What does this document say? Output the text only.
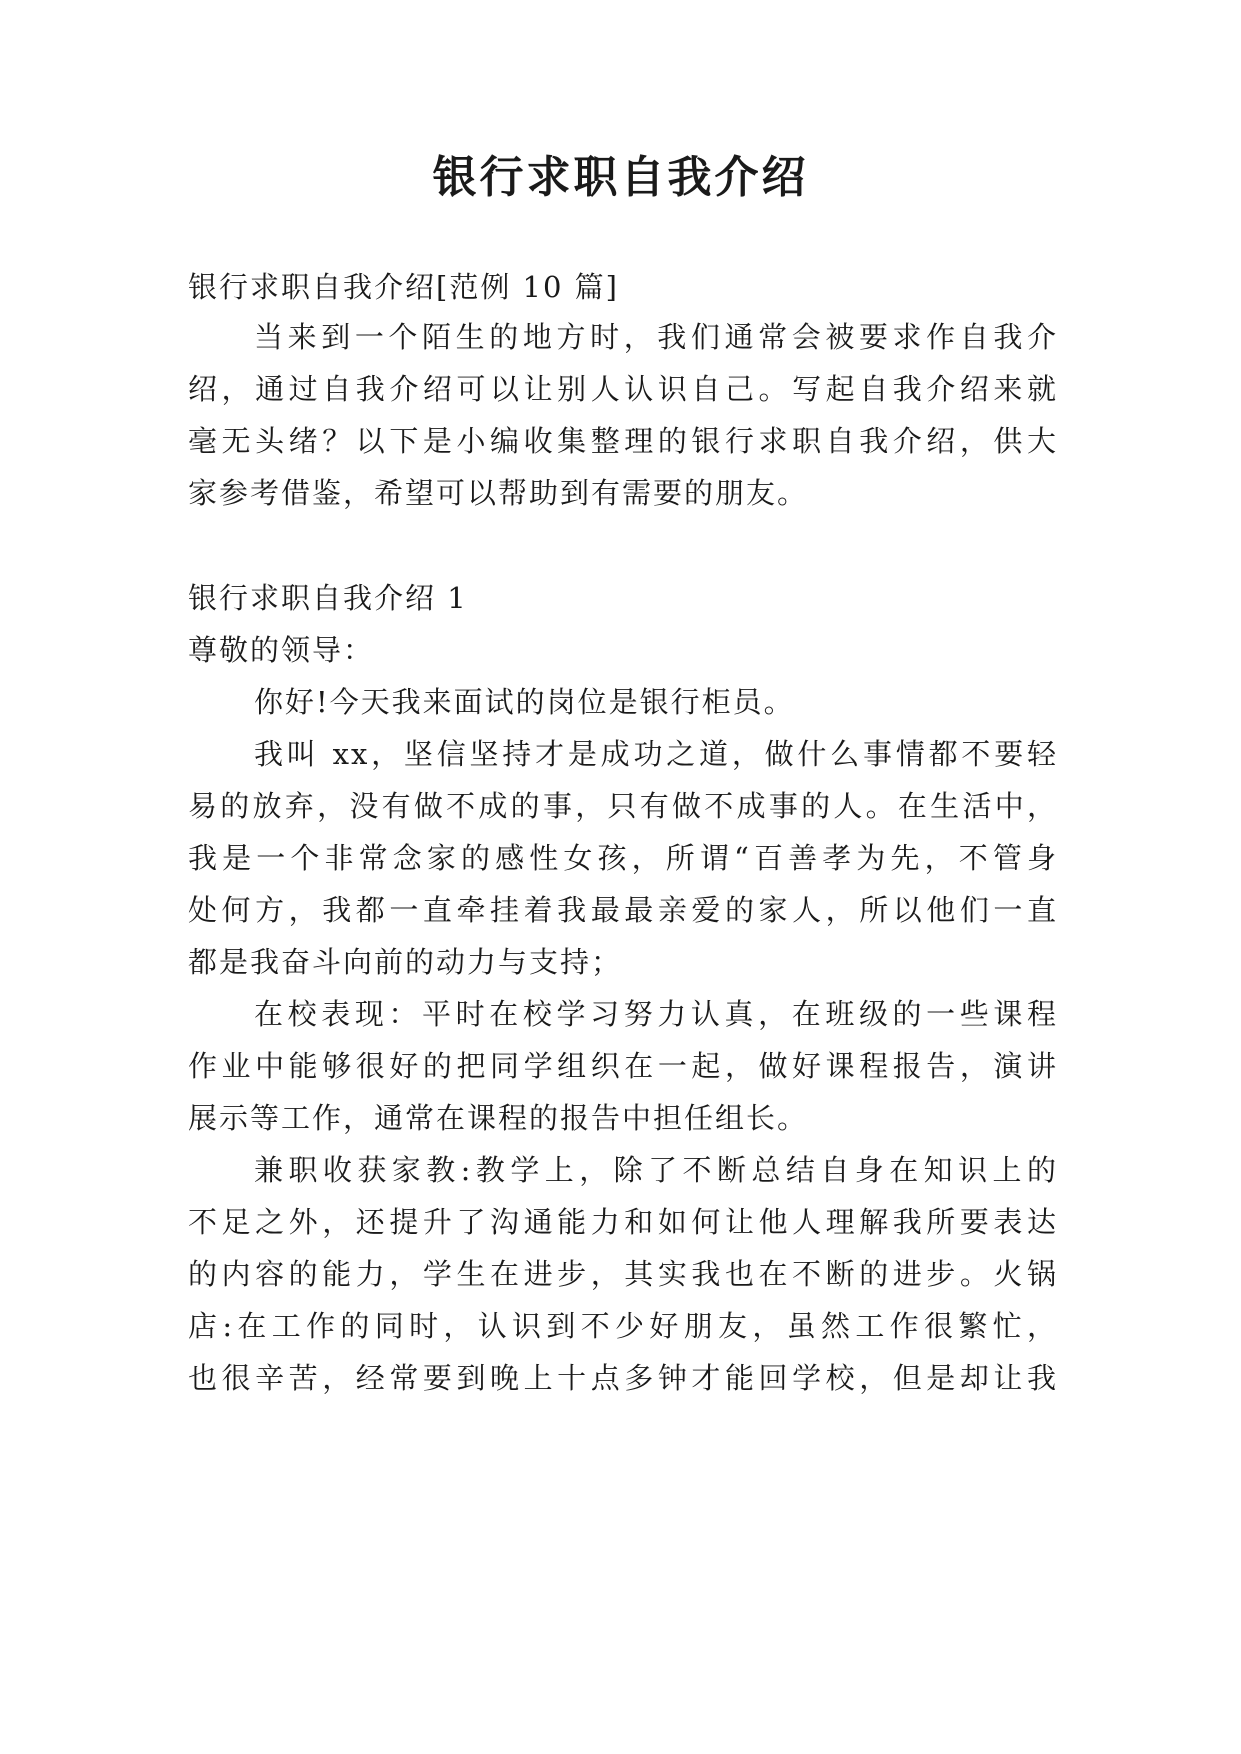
银行求职自我介绍
银行求职自我介绍[范例 10 篇]
当来到一个陌生的地方时，我们通常会被要求作自我介
绍，通过自我介绍可以让别人认识自己。写起自我介绍来就
毫无头绪？以下是小编收集整理的银行求职自我介绍，供大
家参考借鉴，希望可以帮助到有需要的朋友。
银行求职自我介绍 1
尊敬的领导：
你好!今天我来面试的岗位是银行柜员。
我叫 xx，坚信坚持才是成功之道，做什么事情都不要轻
易的放弃，没有做不成的事，只有做不成事的人。在生活中，
我是一个非常念家的感性女孩，所谓“百善孝为先，不管身
处何方，我都一直牵挂着我最最亲爱的家人，所以他们一直
都是我奋斗向前的动力与支持；
在校表现：平时在校学习努力认真，在班级的一些课程
作业中能够很好的把同学组织在一起，做好课程报告，演讲
展示等工作，通常在课程的报告中担任组长。
兼职收获家教:教学上，除了不断总结自身在知识上的
不足之外，还提升了沟通能力和如何让他人理解我所要表达
的内容的能力，学生在进步，其实我也在不断的进步。火锅
店:在工作的同时，认识到不少好朋友，虽然工作很繁忙，
也很辛苦，经常要到晚上十点多钟才能回学校，但是却让我
